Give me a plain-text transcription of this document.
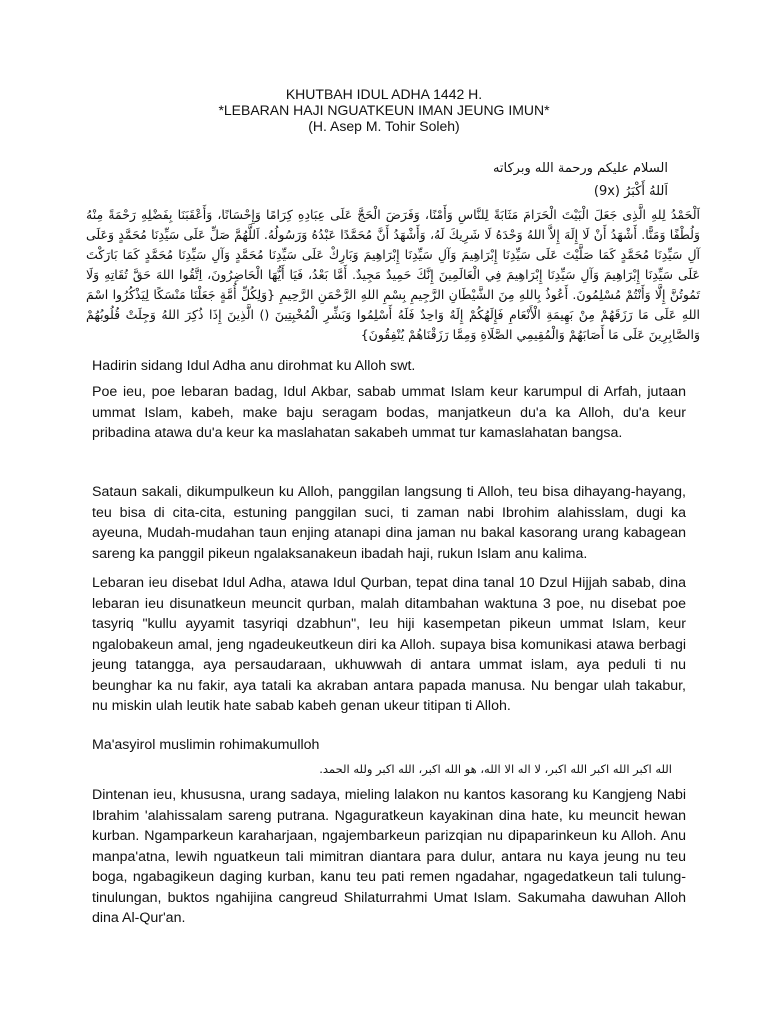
KHUTBAH IDUL ADHA 1442 H.
*LEBARAN HAJI NGUATKEUN IMAN JEUNG IMUN*
(H. Asep M. Tohir Soleh)
السلام عليكم ورحمة الله وبركاته
اَللهُ أَكْبَرُ (9x)
اَلْحَمْدُ لِلهِ الَّذِى جَعَلَ الْبَيْتَ الْحَرَامَ مَثَابَةً لِلنَّاسِ وَأَمْنًا، وَفَرَضَ الْحَجَّ عَلَى عِبَادِهِ كِرَامًا وَإِحْسَانًا، وَأَعْقَبَنَا بِفَضْلِهِ رَحْمَةً مِنْهُ وَلُطْفًا وَمَنًّا. أَشْهَدُ أَنْ لَا إِلَهَ إِلاَّ اللهُ وَحْدَهُ لَا شَرِيكَ لَهُ، وَأَشْهَدُ أَنَّ مُحَمَّدًا عَبْدُهُ وَرَسُولُهُ. اَللَّهُمَّ صَلِّ عَلَى سَيِّدِنَا مُحَمَّدٍ وَعَلَى آلِ سَيِّدِنَا مُحَمَّدٍ كَمَا صَلَّيْتَ عَلَى سَيِّدِنَا إِبْرَاهِيمَ وَآلِ سَيِّدِنَا إِبْرَاهِيمَ وَبَارِكْ عَلَى سَيِّدِنَا مُحَمَّدٍ وَآلِ سَيِّدِنَا مُحَمَّدٍ كَمَا بَارَكْتَ عَلَى سَيِّدِنَا إِبْرَاهِيمَ وَآلِ سَيِّدِنَا إِبْرَاهِيمَ فِي الْعَالَمِينَ إِنَّكَ حَمِيدٌ مَجِيدٌ. أَمَّا بَعْدُ، فَيَا أَيُّهَا الْحَاضِرُونَ، اِتَّقُوا اللهَ حَقَّ تُقَاتِهِ وَلَا تَمُوتُنَّ إِلَّا وَأَنْتُمْ مُسْلِمُونَ. أَعُوذُ بِاللهِ مِنَ الشَّيْطَانِ الرَّجِيمِ بِسْمِ اللهِ الرَّحْمَنِ الرَّحِيمِ {وَلِكُلِّ أُمَّةٍ جَعَلْنَا مَنْسَكًا لِيَذْكُرُوا اسْمَ اللهِ عَلَى مَا رَزَقَهُمْ مِنْ بَهِيمَةِ الْأَنْعَامِ فَإِلَهُكُمْ إِلَهٌ وَاحِدٌ فَلَهُ أَسْلِمُوا وَبَشِّرِ الْمُخْبِتِينَ () الَّذِينَ إِذَا ذُكِرَ اللهُ وَجِلَتْ قُلُوبُهُمْ وَالصَّابِرِينَ عَلَى مَا أَصَابَهُمْ وَالْمُقِيمِي الصَّلَاةِ وَمِمَّا رَزَقْنَاهُمْ يُنْفِقُونَ}
Hadirin sidang Idul Adha anu dirohmat ku Alloh swt.
Poe ieu, poe lebaran badag, Idul Akbar, sabab ummat Islam keur karumpul di Arfah, jutaan ummat Islam, kabeh, make baju seragam bodas, manjatkeun du'a ka Alloh, du'a keur pribadina atawa du'a keur ka maslahatan sakabeh ummat tur kamaslahatan bangsa.
Sataun sakali, dikumpulkeun ku Alloh, panggilan langsung ti Alloh, teu bisa dihayang-hayang, teu bisa di cita-cita, estuning panggilan suci, ti zaman nabi Ibrohim alahisslam, dugi ka ayeuna, Mudah-mudahan taun enjing atanapi dina jaman nu bakal kasorang urang kabagean sareng ka panggil pikeun ngalaksanakeun ibadah haji, rukun Islam anu kalima.
Lebaran ieu disebat Idul Adha, atawa Idul Qurban, tepat dina tanal 10 Dzul Hijjah sabab, dina lebaran ieu disunatkeun meuncit qurban, malah ditambahan waktuna 3 poe, nu disebat poe tasyriq "kullu ayyamit tasyriqi dzabhun", Ieu hiji kasempetan pikeun ummat Islam, keur ngalobakeun amal, jeng ngadeukeutkeun diri ka Alloh. supaya bisa komunikasi atawa berbagi jeung tatangga, aya persaudaraan, ukhuwwah di antara ummat islam, aya peduli ti nu beunghar ka nu fakir, aya tatali ka akraban antara papada manusa. Nu bengar ulah takabur, nu miskin ulah leutik hate sabab kabeh genan ukeur titipan ti Alloh.
Ma'asyirol muslimin rohimakumulloh
الله اكبر الله اكبر الله اكبر، لا اله الا الله، هو الله اكبر، الله اكبر ولله الحمد.
Dintenan ieu, khususna, urang sadaya, mieling lalakon nu kantos kasorang ku Kangjeng Nabi Ibrahim 'alahissalam sareng putrana. Ngaguratkeun kayakinan dina hate, ku meuncit hewan kurban. Ngamparkeun karaharjaan, ngajembarkeun parizqian nu dipaparinkeun ku Alloh. Anu manpa'atna, lewih nguatkeun tali mimitran diantara para dulur, antara nu kaya jeung nu teu boga, ngabagikeun daging kurban, kanu teu pati remen ngadahar, ngagedatkeun tali tulung-tinulungan, buktos ngahijina cangreud Shilaturrahmi Umat Islam. Sakumaha dawuhan Alloh dina Al-Qur'an.
